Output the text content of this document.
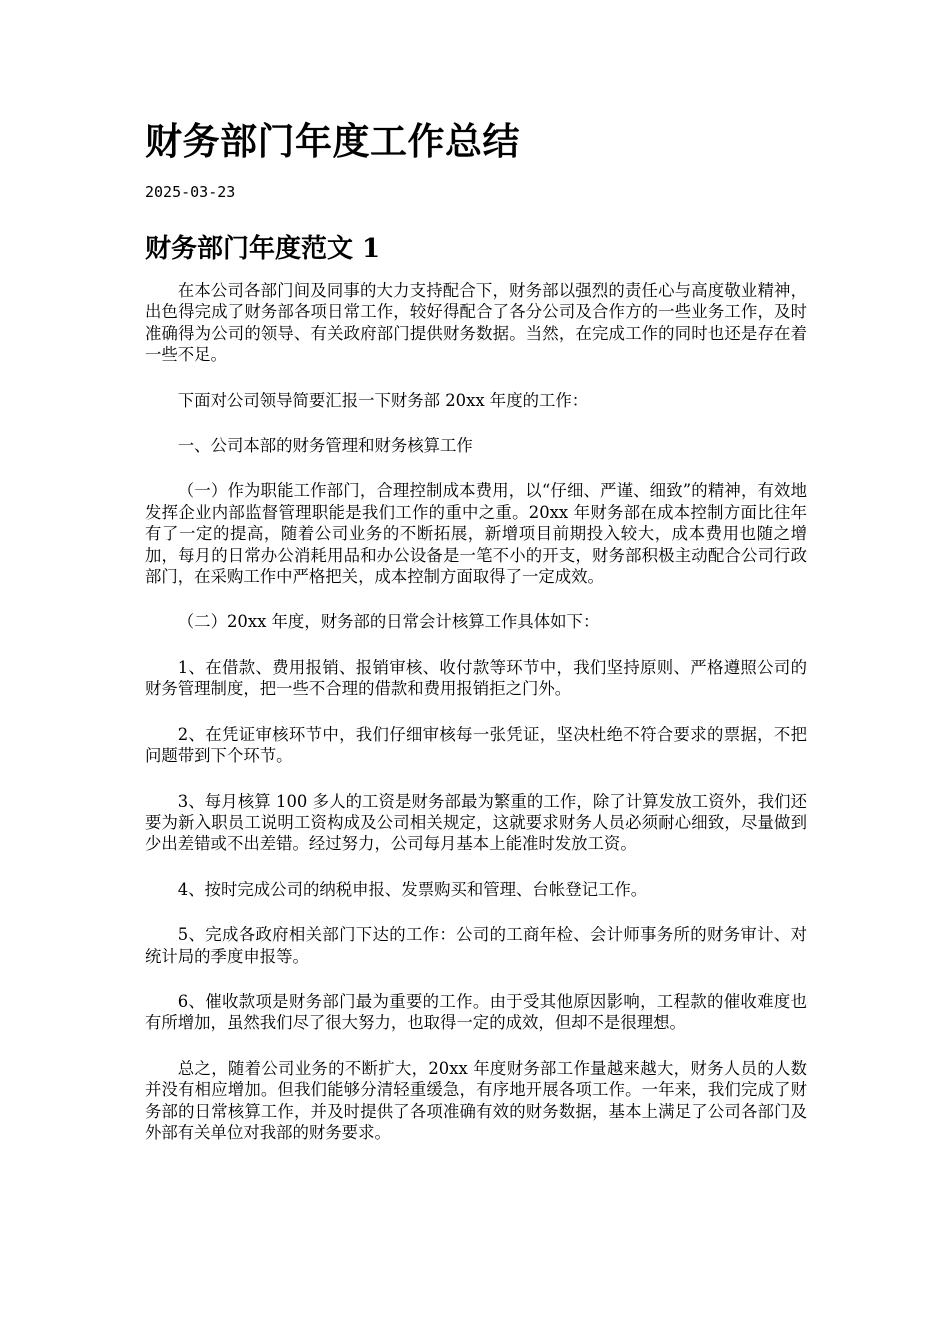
财务部门年度工作总结
2025-03-23
财务部门年度范文 1

在本公司各部门间及同事的大力支持配合下，财务部以强烈的责任心与高度敬业精神，出色得完成了财务部各项日常工作，较好得配合了各分公司及合作方的一些业务工作，及时准确得为公司的领导、有关政府部门提供财务数据。当然，在完成工作的同时也还是存在着一些不足。

下面对公司领导简要汇报一下财务部 20xx 年度的工作：

一、公司本部的财务管理和财务核算工作

（一）作为职能工作部门，合理控制成本费用，以“仔细、严谨、细致”的精神，有效地发挥企业内部监督管理职能是我们工作的重中之重。20xx 年财务部在成本控制方面比往年有了一定的提高，随着公司业务的不断拓展，新增项目前期投入较大，成本费用也随之增加，每月的日常办公消耗用品和办公设备是一笔不小的开支，财务部积极主动配合公司行政部门，在采购工作中严格把关，成本控制方面取得了一定成效。

（二）20xx 年度，财务部的日常会计核算工作具体如下：

1、在借款、费用报销、报销审核、收付款等环节中，我们坚持原则、严格遵照公司的财务管理制度，把一些不合理的借款和费用报销拒之门外。

2、在凭证审核环节中，我们仔细审核每一张凭证，坚决杜绝不符合要求的票据，不把问题带到下个环节。

3、每月核算 100 多人的工资是财务部最为繁重的工作，除了计算发放工资外，我们还要为新入职员工说明工资构成及公司相关规定，这就要求财务人员必须耐心细致，尽量做到少出差错或不出差错。经过努力，公司每月基本上能准时发放工资。

4、按时完成公司的纳税申报、发票购买和管理、台帐登记工作。

5、完成各政府相关部门下达的工作：公司的工商年检、会计师事务所的财务审计、对统计局的季度申报等。

6、催收款项是财务部门最为重要的工作。由于受其他原因影响，工程款的催收难度也有所增加，虽然我们尽了很大努力，也取得一定的成效，但却不是很理想。

总之，随着公司业务的不断扩大，20xx 年度财务部工作量越来越大，财务人员的人数并没有相应增加。但我们能够分清轻重缓急，有序地开展各项工作。一年来，我们完成了财务部的日常核算工作，并及时提供了各项准确有效的财务数据，基本上满足了公司各部门及外部有关单位对我部的财务要求。
